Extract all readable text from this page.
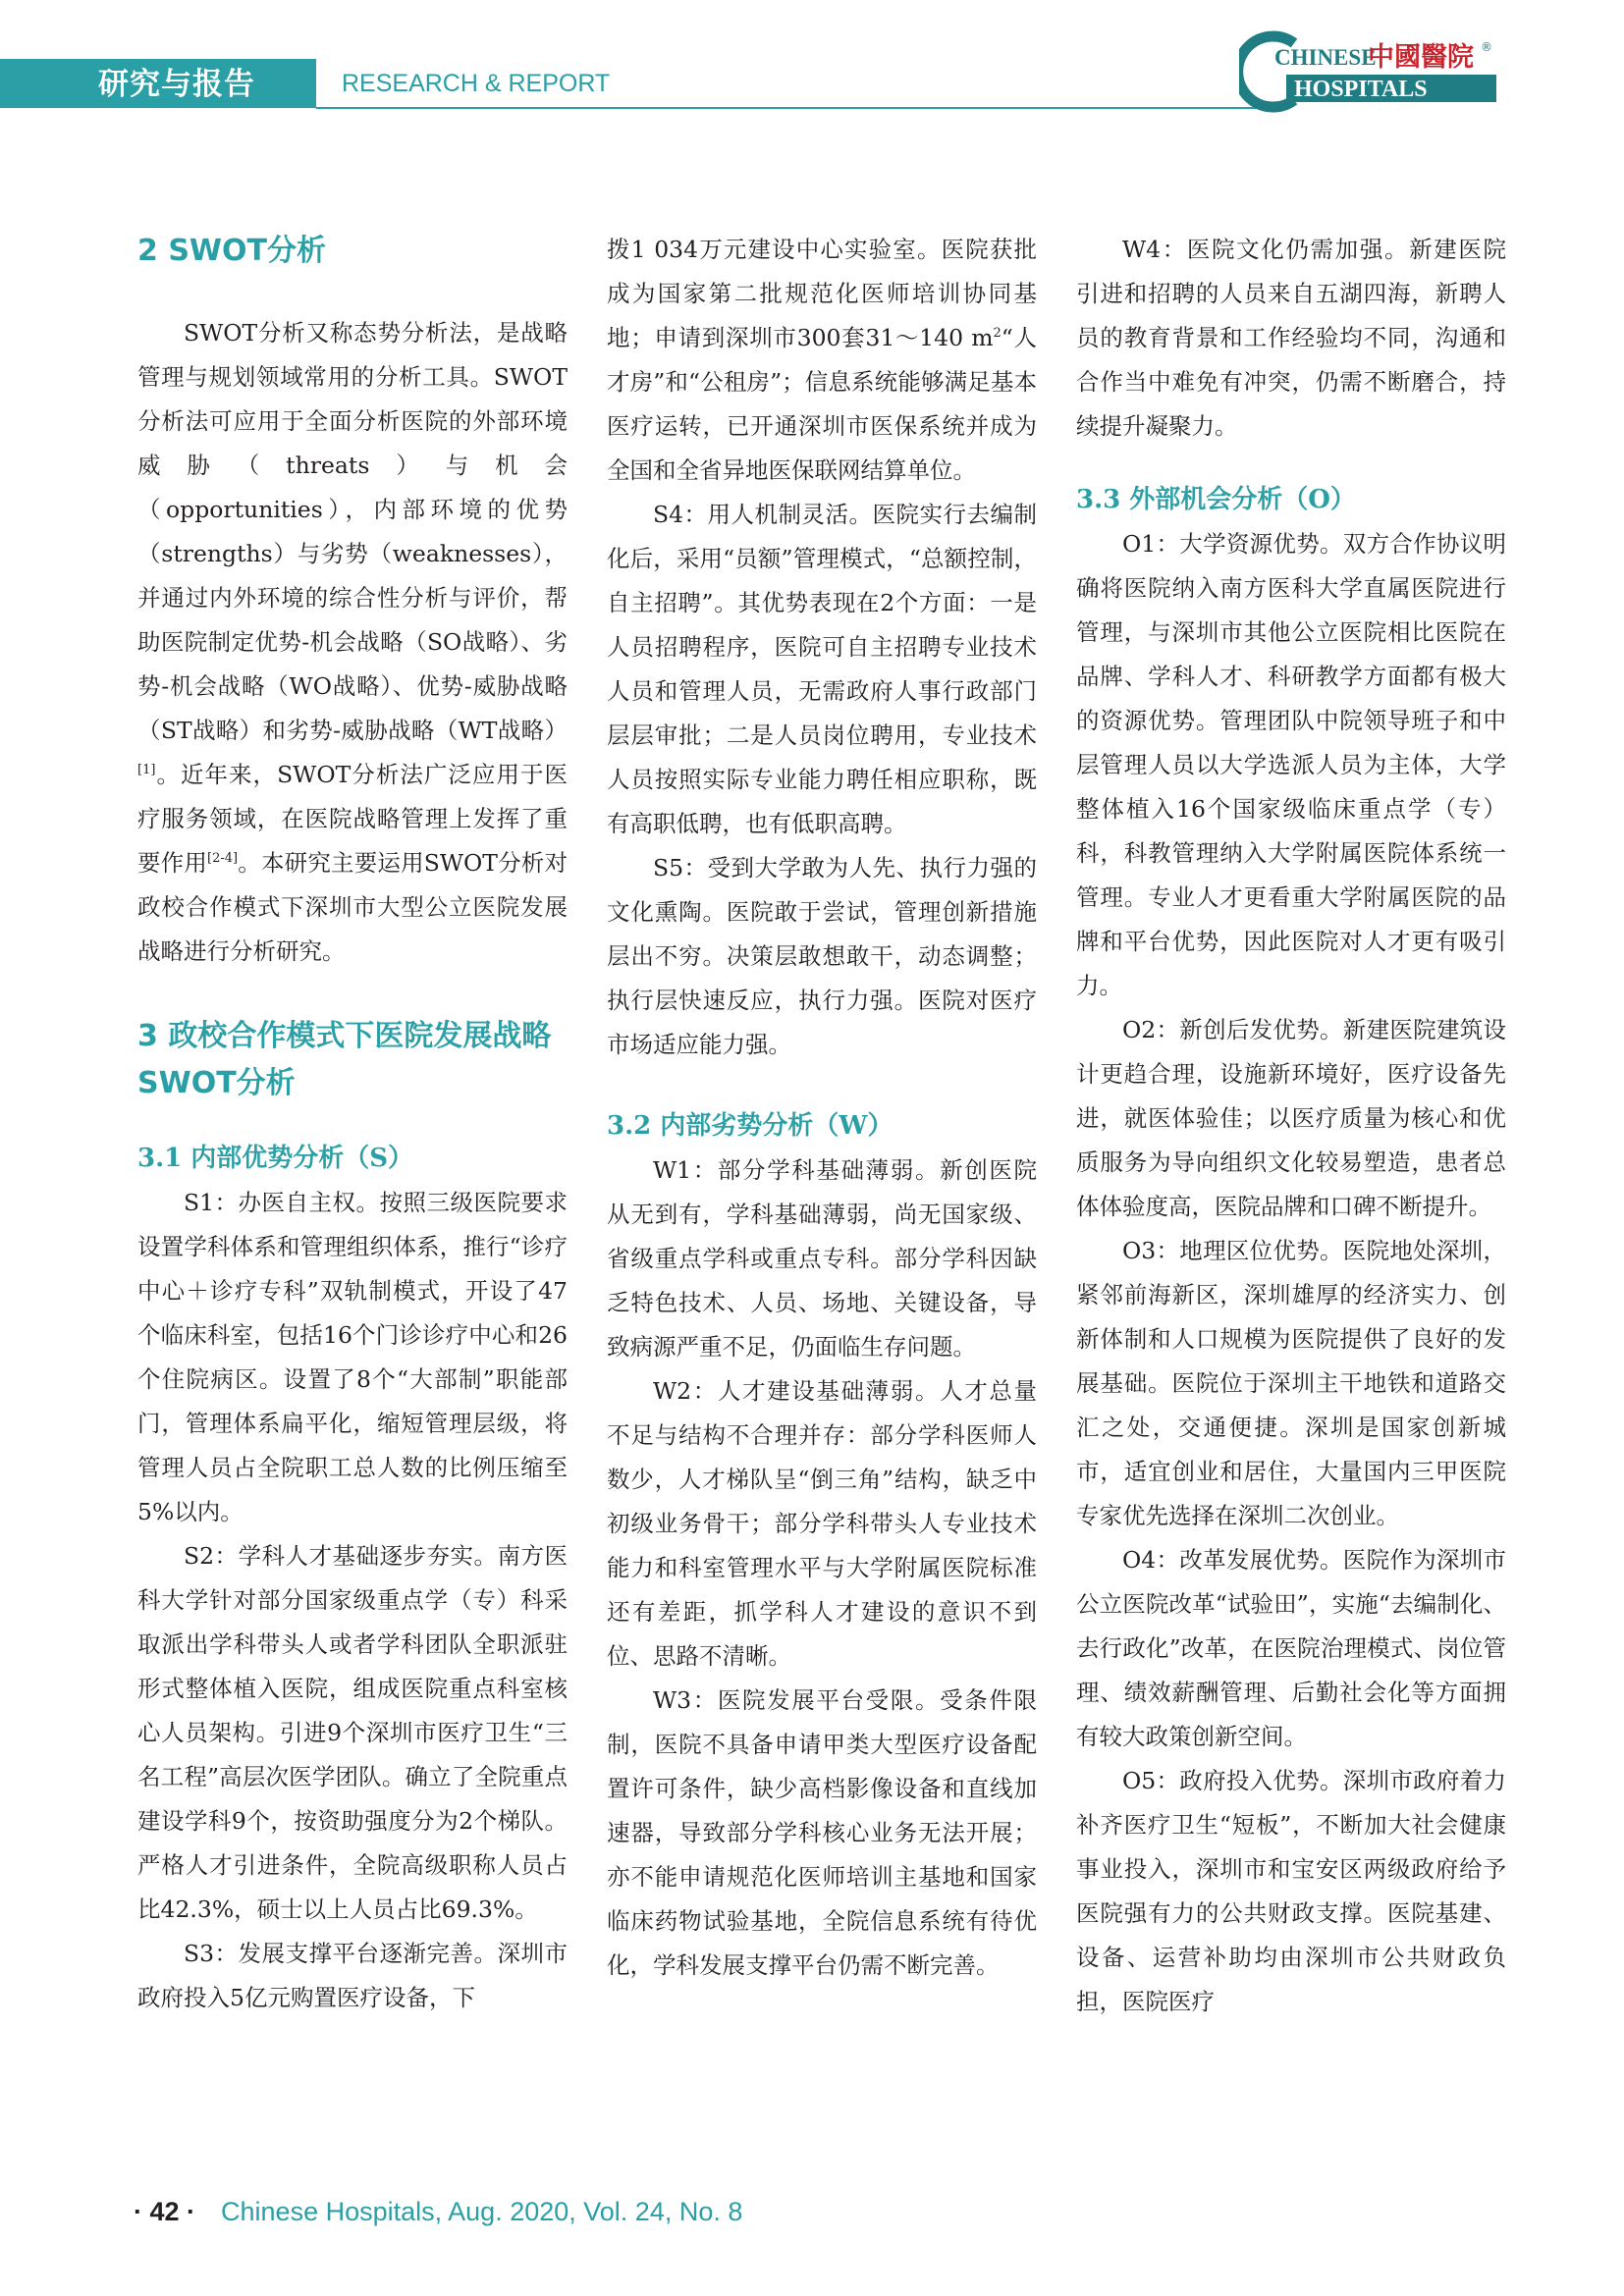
研究与报告	RESEARCH & REPORT
CHINESE
中國醫院 ®
HOSPITALS
2 SWOT分析

SWOT分析又称态势分析法，是战略管理与规划领域常用的分析工具。SWOT分析法可应用于全面分析医院的外部环境威胁（threats）与机会（opportunities），内部环境的优势（strengths）与劣势（weaknesses），并通过内外环境的综合性分析与评价，帮助医院制定优势-机会战略（SO战略）、劣势-机会战略（WO战略）、优势-威胁战略（ST战略）和劣势-威胁战略（WT战略）[1]。近年来，SWOT分析法广泛应用于医疗服务领域，在医院战略管理上发挥了重要作用[2-4]。本研究主要运用SWOT分析对政校合作模式下深圳市大型公立医院发展战略进行分析研究。

3 政校合作模式下医院发展战略SWOT分析
3.1 内部优势分析（S）

S1：办医自主权。按照三级医院要求设置学科体系和管理组织体系，推行“诊疗中心＋诊疗专科”双轨制模式，开设了47个临床科室，包括16个门诊诊疗中心和26个住院病区。设置了8个“大部制”职能部门，管理体系扁平化，缩短管理层级，将管理人员占全院职工总人数的比例压缩至5%以内。

S2：学科人才基础逐步夯实。南方医科大学针对部分国家级重点学（专）科采取派出学科带头人或者学科团队全职派驻形式整体植入医院，组成医院重点科室核心人员架构。引进9个深圳市医疗卫生“三名工程”高层次医学团队。确立了全院重点建设学科9个，按资助强度分为2个梯队。严格人才引进条件，全院高级职称人员占比42.3%，硕士以上人员占比69.3%。

S3：发展支撑平台逐渐完善。深圳市政府投入5亿元购置医疗设备，下

拨1 034万元建设中心实验室。医院获批成为国家第二批规范化医师培训协同基地；申请到深圳市300套31～140 $m^2“$人才房”和“公租房”；信息系统能够满足基本医疗运转，已开通深圳市医保系统并成为全国和全省异地医保联网结算单位。

S4：用人机制灵活。医院实行去编制化后，采用“员额”管理模式，“总额控制，自主招聘”。其优势表现在2个方面：一是人员招聘程序，医院可自主招聘专业技术人员和管理人员，无需政府人事行政部门层层审批；二是人员岗位聘用，专业技术人员按照实际专业能力聘任相应职称，既有高职低聘，也有低职高聘。

S5：受到大学敢为人先、执行力强的文化熏陶。医院敢于尝试，管理创新措施层出不穷。决策层敢想敢干，动态调整；执行层快速反应，执行力强。医院对医疗市场适应能力强。

3.2 内部劣势分析（W）

W1：部分学科基础薄弱。新创医院从无到有，学科基础薄弱，尚无国家级、省级重点学科或重点专科。部分学科因缺乏特色技术、人员、场地、关键设备，导致病源严重不足，仍面临生存问题。

W2：人才建设基础薄弱。人才总量不足与结构不合理并存：部分学科医师人数少，人才梯队呈“倒三角”结构，缺乏中初级业务骨干；部分学科带头人专业技术能力和科室管理水平与大学附属医院标准还有差距，抓学科人才建设的意识不到位、思路不清晰。

W3：医院发展平台受限。受条件限制，医院不具备申请甲类大型医疗设备配置许可条件，缺少高档影像设备和直线加速器，导致部分学科核心业务无法开展；亦不能申请规范化医师培训主基地和国家临床药物试验基地，全院信息系统有待优化，学科发展支撑平台仍需不断完善。

W4：医院文化仍需加强。新建医院引进和招聘的人员来自五湖四海，新聘人员的教育背景和工作经验均不同，沟通和合作当中难免有冲突，仍需不断磨合，持续提升凝聚力。

3.3 外部机会分析（O）

O1：大学资源优势。双方合作协议明确将医院纳入南方医科大学直属医院进行管理，与深圳市其他公立医院相比医院在品牌、学科人才、科研教学方面都有极大的资源优势。管理团队中院领导班子和中层管理人员以大学选派人员为主体，大学整体植入16个国家级临床重点学（专）科，科教管理纳入大学附属医院体系统一管理。专业人才更看重大学附属医院的品牌和平台优势，因此医院对人才更有吸引力。

O2：新创后发优势。新建医院建筑设计更趋合理，设施新环境好，医疗设备先进，就医体验佳；以医疗质量为核心和优质服务为导向组织文化较易塑造，患者总体体验度高，医院品牌和口碑不断提升。

O3：地理区位优势。医院地处深圳，紧邻前海新区，深圳雄厚的经济实力、创新体制和人口规模为医院提供了良好的发展基础。医院位于深圳主干地铁和道路交汇之处，交通便捷。深圳是国家创新城市，适宜创业和居住，大量国内三甲医院专家优先选择在深圳二次创业。

O4：改革发展优势。医院作为深圳市公立医院改革“试验田”，实施“去编制化、去行政化”改革，在医院治理模式、岗位管理、绩效薪酬管理、后勤社会化等方面拥有较大政策创新空间。

O5：政府投入优势。深圳市政府着力补齐医疗卫生“短板”，不断加大社会健康事业投入，深圳市和宝安区两级政府给予医院强有力的公共财政支撑。医院基建、设备、运营补助均由深圳市公共财政负担，医院医疗

· 42 · Chinese Hospitals, Aug. 2020, Vol. 24, No. 8
